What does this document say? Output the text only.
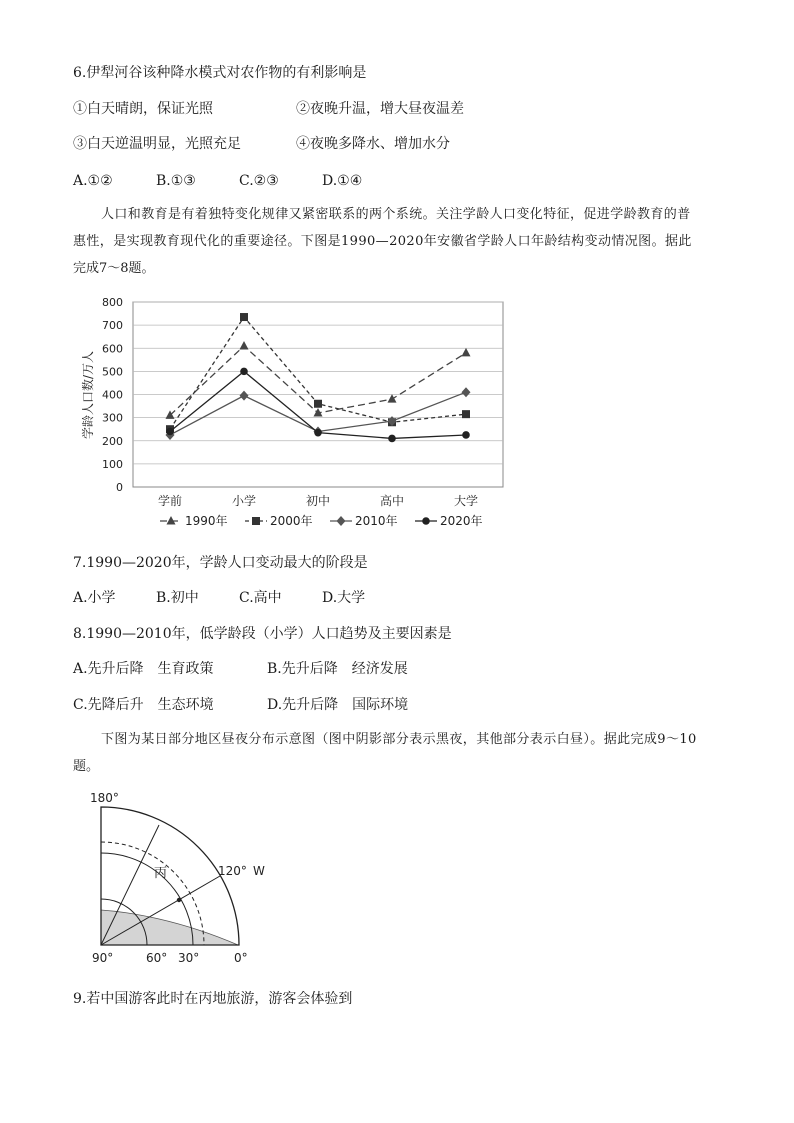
6.伊犁河谷该种降水模式对农作物的有利影响是
①白天晴朗，保证光照	②夜晚升温，增大昼夜温差
③白天逆温明显，光照充足	④夜晚多降水、增加水分
A.①②	B.①③	C.②③	D.①④
人口和教育是有着独特变化规律又紧密联系的两个系统。关注学龄人口变化特征，促进学龄教育的普
惠性，是实现教育现代化的重要途径。下图是1990—2020年安徽省学龄人口年龄结构变动情况图。据此
完成7～8题。
0
100
200
300
400
500
600
700
800
学前	小学	初中	高中	大学
1990年	2000年	2010年	2020年
学龄人口数/万人
7.1990—2020年，学龄人口变动最大的阶段是
A.小学	B.初中	C.高中	D.大学
8.1990—2010年，低学龄段（小学）人口趋势及主要因素是
A.先升后降　生育政策	B.先升后降　经济发展
C.先降后升　生态环境	D.先升后降　国际环境
下图为某日部分地区昼夜分布示意图（图中阴影部分表示黑夜，其他部分表示白昼）。据此完成9～10
题。
丙
180°
120° W
90°	60° 30°	0°
9.若中国游客此时在丙地旅游，游客会体验到
